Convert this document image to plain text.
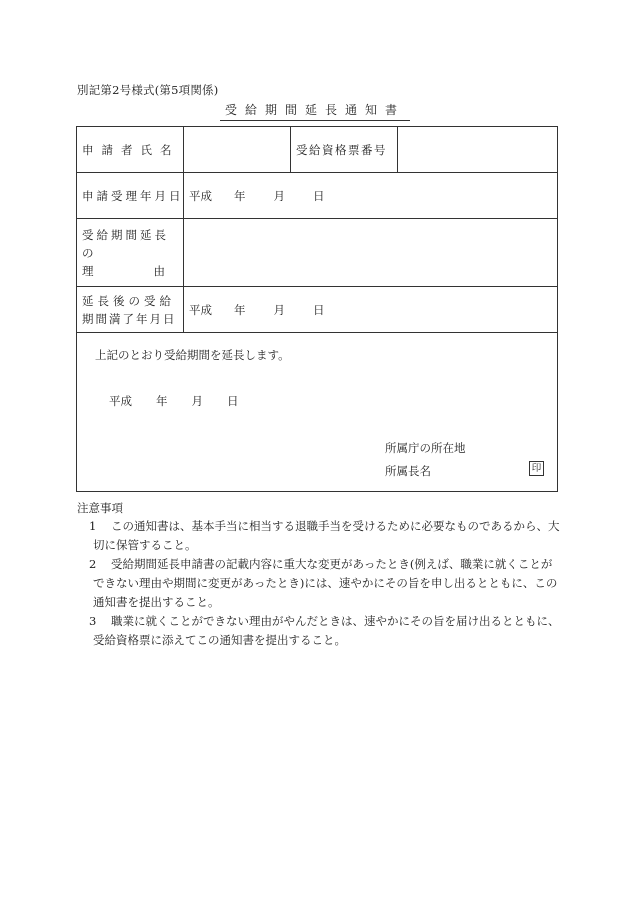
別記第2号様式(第5項関係)
受給期間延長通知書
申請者氏名		受給資格票番号	
申請受理年月日	平成 年 月 日		

受給期間延長の
理 由			

延長後の受給
期間満了年月日	平成 年 月 日		

上記のとおり受給期間を延長します。
平成 年 月 日
所属庁の所在地
所属長名 印			
注意事項
1 この通知書は、基本手当に相当する退職手当を受けるために必要なものであるから、大切に保管すること。
2 受給期間延長申請書の記載内容に重大な変更があったとき(例えば、職業に就くことができない理由や期間に変更があったとき)には、速やかにその旨を申し出るとともに、この通知書を提出すること。
3 職業に就くことができない理由がやんだときは、速やかにその旨を届け出るとともに、受給資格票に添えてこの通知書を提出すること。
